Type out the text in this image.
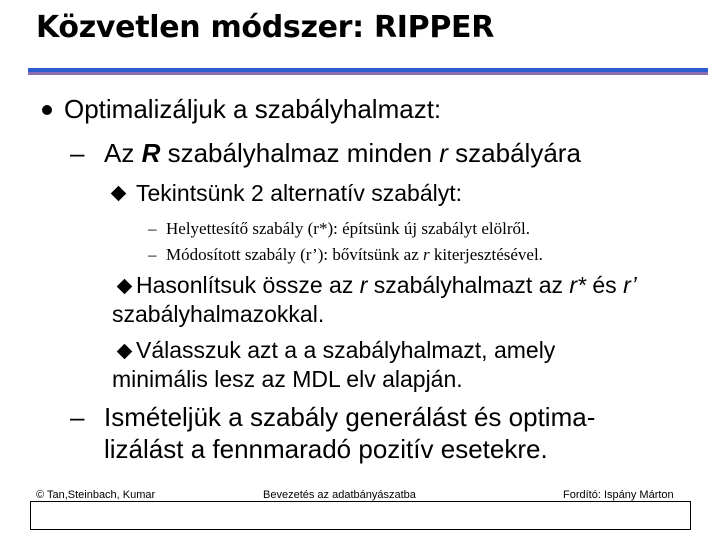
Közvetlen módszer: RIPPER
Optimalizáljuk a szabályhalmazt:
– Az R szabályhalmaz minden r szabályára
Tekintsünk 2 alternatív szabályt:
– Helyettesítő szabály (r*): építsünk új szabályt elölről.
– Módosított szabály (r’): bővítsünk az r kiterjesztésével.
Hasonlítsuk össze az r szabályhalmazt az r* és r’
szabályhalmazokkal.
Válasszuk azt a a szabályhalmazt, amely
minimális lesz az MDL elv alapján.
– Ismételjük a szabály generálást és optima-
lizálást a fennmaradó pozitív esetekre.
© Tan,Steinbach, Kumar	Bevezetés az adatbányászatba	Fordító: Ispány Márton
